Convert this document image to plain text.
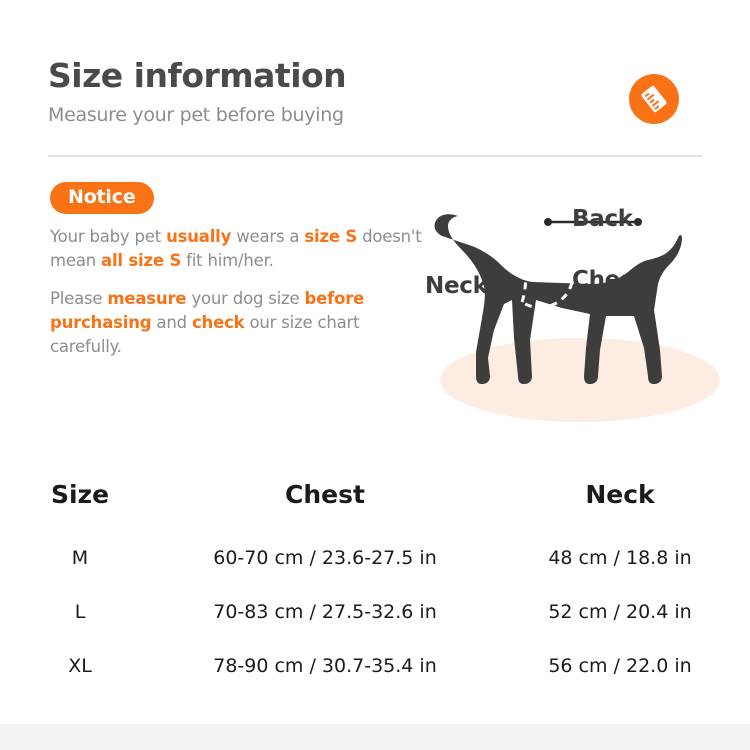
Size information
Measure your pet before buying
Notice

Your baby pet usually wears a size S doesn't mean all size S fit him/her.

Please measure your dog size before purchasing and check our size chart carefully.

Neck
Back
Chest
Size	Chest	Neck
M	60-70 cm / 23.6-27.5 in	48 cm / 18.8 in
L	70-83 cm / 27.5-32.6 in	52 cm / 20.4 in
XL	78-90 cm / 30.7-35.4 in	56 cm / 22.0 in
